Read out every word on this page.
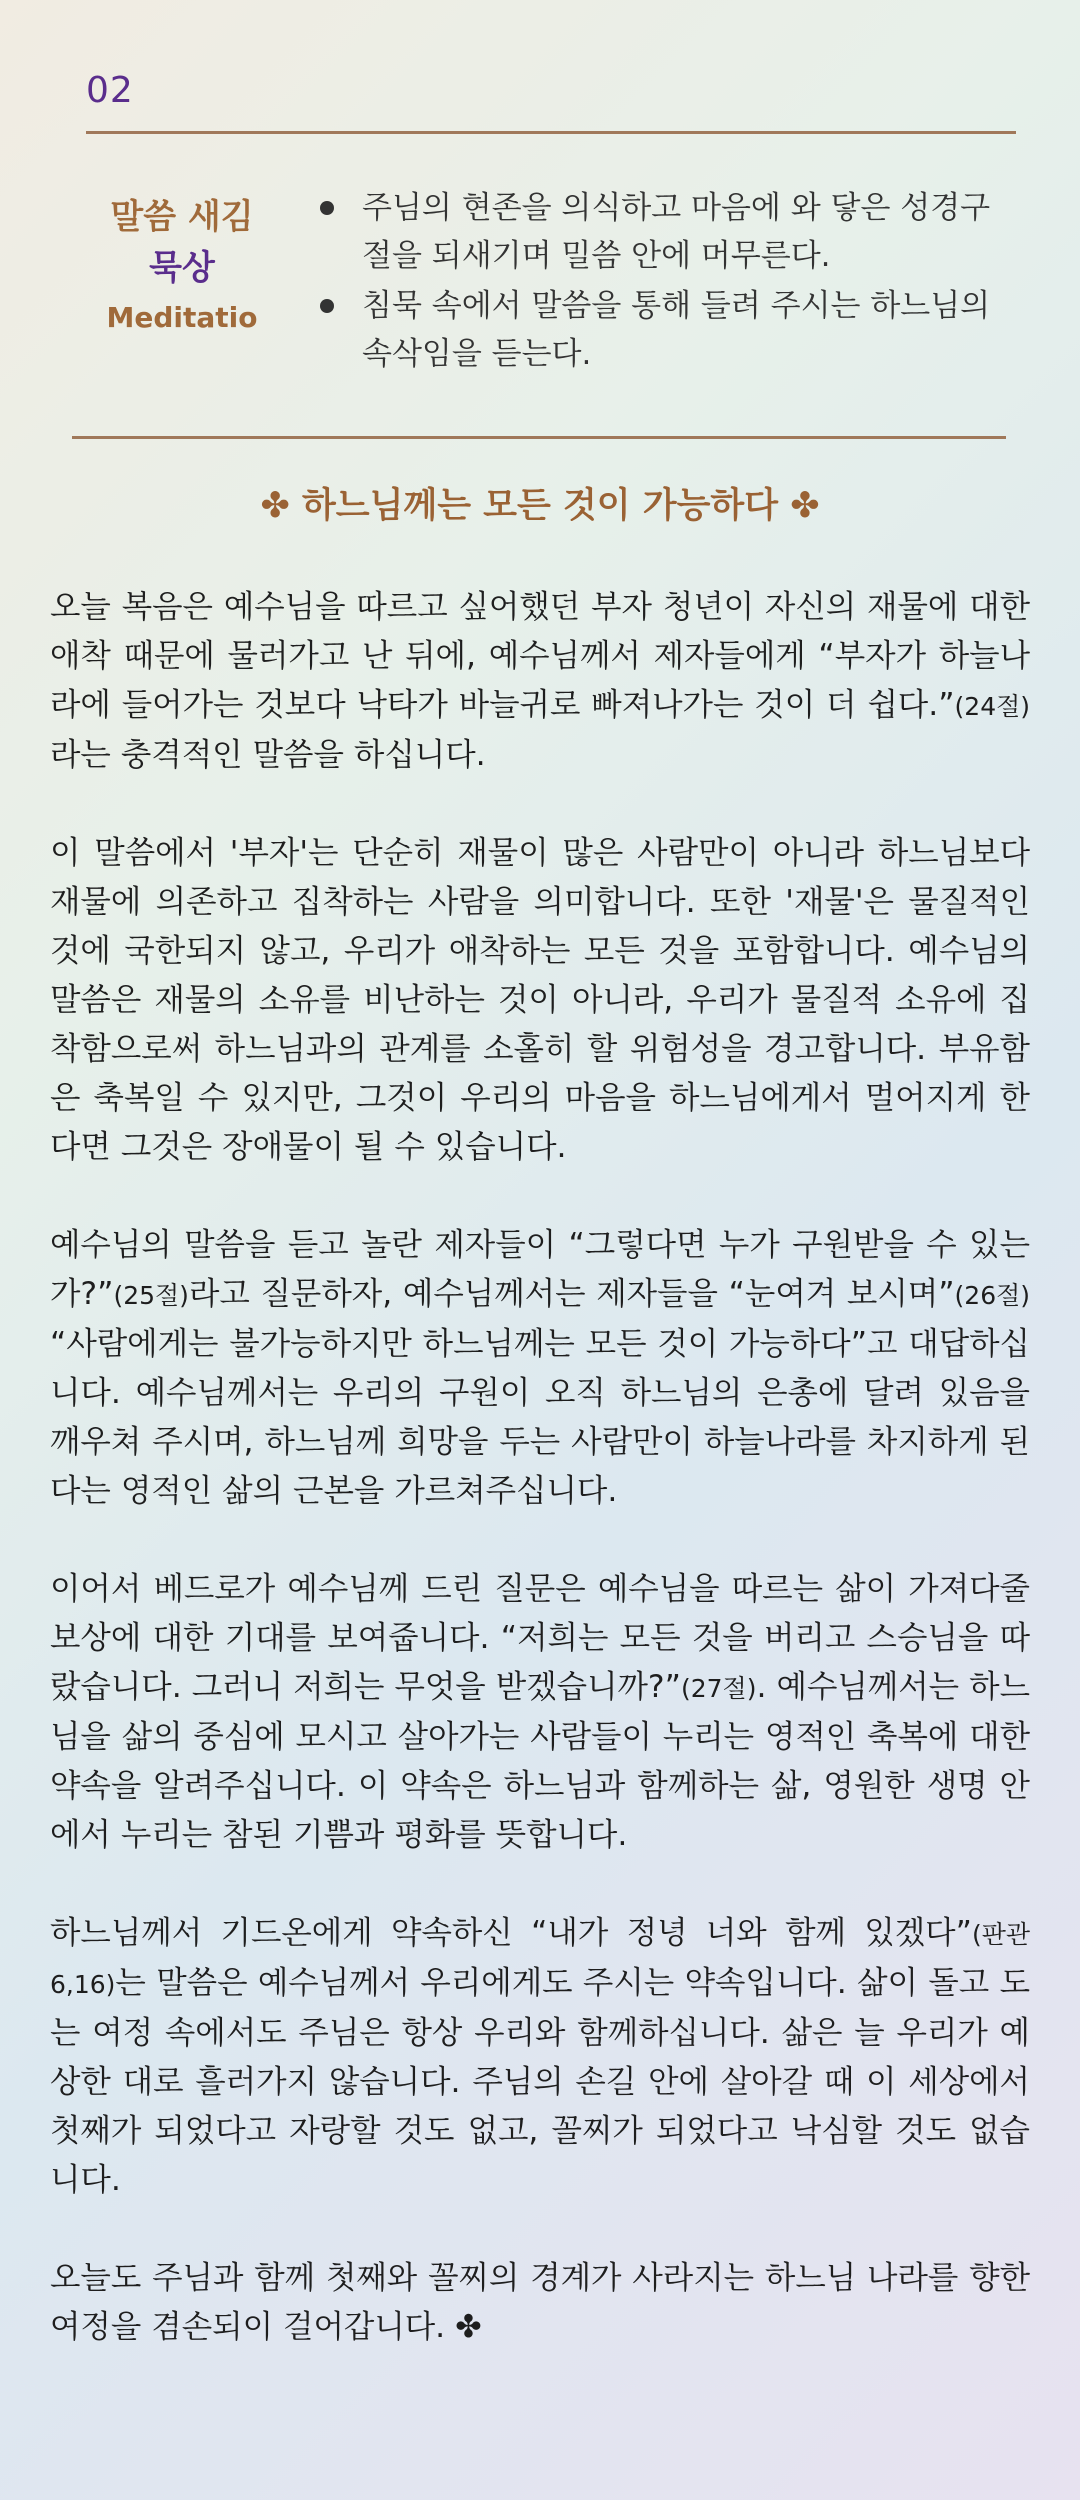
02
말씀 새김
묵상
Meditatio
주님의 현존을 의식하고 마음에 와 닿은 성경구절을 되새기며 밀씀 안에 머무른다.
침묵 속에서 말씀을 통해 들려 주시는 하느님의 속삭임을 듣는다.
✤ 하느님께는 모든 것이 가능하다 ✤

오늘 복음은 예수님을 따르고 싶어했던 부자 청년이 자신의 재물에 대한 애착 때문에 물러가고 난 뒤에, 예수님께서 제자들에게 “부자가 하늘나라에 들어가는 것보다 낙타가 바늘귀로 빠져나가는 것이 더 쉽다.”(24절)라는 충격적인 말씀을 하십니다.

이 말씀에서 '부자'는 단순히 재물이 많은 사람만이 아니라 하느님보다 재물에 의존하고 집착하는 사람을 의미합니다. 또한 '재물'은 물질적인 것에 국한되지 않고, 우리가 애착하는 모든 것을 포함합니다. 예수님의 말씀은 재물의 소유를 비난하는 것이 아니라, 우리가 물질적 소유에 집착함으로써 하느님과의 관계를 소홀히 할 위험성을 경고합니다. 부유함은 축복일 수 있지만, 그것이 우리의 마음을 하느님에게서 멀어지게 한다면 그것은 장애물이 될 수 있습니다.

예수님의 말씀을 듣고 놀란 제자들이 “그렇다면 누가 구원받을 수 있는가?”(25절)라고 질문하자, 예수님께서는 제자들을 “눈여겨 보시며”(26절) “사람에게는 불가능하지만 하느님께는 모든 것이 가능하다”고 대답하십니다. 예수님께서는 우리의 구원이 오직 하느님의 은총에 달려 있음을 깨우쳐 주시며, 하느님께 희망을 두는 사람만이 하늘나라를 차지하게 된다는 영적인 삶의 근본을 가르쳐주십니다.

이어서 베드로가 예수님께 드린 질문은 예수님을 따르는 삶이 가져다줄 보상에 대한 기대를 보여줍니다. “저희는 모든 것을 버리고 스승님을 따랐습니다. 그러니 저희는 무엇을 받겠습니까?”(27절). 예수님께서는 하느님을 삶의 중심에 모시고 살아가는 사람들이 누리는 영적인 축복에 대한 약속을 알려주십니다. 이 약속은 하느님과 함께하는 삶, 영원한 생명 안에서 누리는 참된 기쁨과 평화를 뜻합니다.

하느님께서 기드온에게 약속하신 “내가 정녕 너와 함께 있겠다”(판관 6,16)는 말씀은 예수님께서 우리에게도 주시는 약속입니다. 삶이 돌고 도는 여정 속에서도 주님은 항상 우리와 함께하십니다. 삶은 늘 우리가 예상한 대로 흘러가지 않습니다. 주님의 손길 안에 살아갈 때 이 세상에서 첫째가 되었다고 자랑할 것도 없고, 꼴찌가 되었다고 낙심할 것도 없습니다.

오늘도 주님과 함께 첫째와 꼴찌의 경계가 사라지는 하느님 나라를 향한 여정을 겸손되이 걸어갑니다. ✤
